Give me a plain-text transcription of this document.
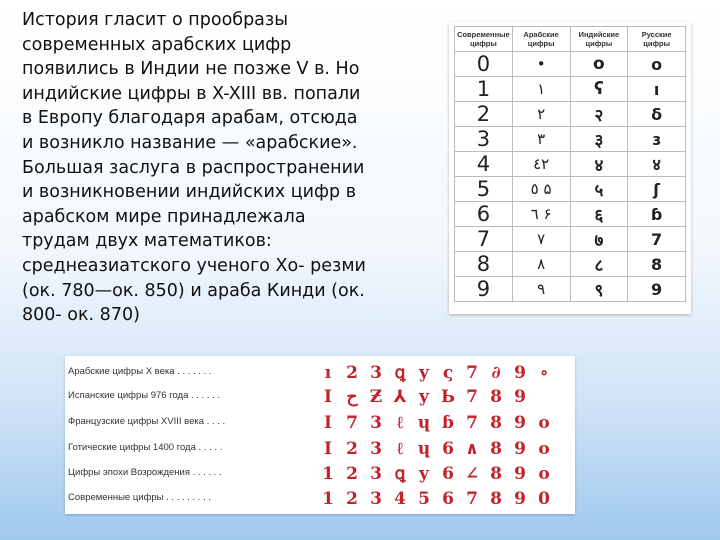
История гласит о прообразы
современных арабских цифр
появились в Индии не позже V в. Но
индийские цифры в X-XIII вв. попали
в Европу благодаря арабам, отсюда
и возникло название — «арабские».
Большая заслуга в распространении
и возникновении индийских цифр в
арабском мире принадлежала
трудам двух математиков:
среднеазиатского ученого Хо- резми
(ок. 780—ок. 850) и араба Кинди (ок.
800- ок. 870)

Современные цифры	Арабские цифры	Индийские цифры	Русские цифры
0	•	o	o
1	١	ʕ	ı
2	٢	२	δ
3	٣	३	ɜ
4	٤٢	४	४
5	٥ ۵	५	ʃ
6	٦ ۶	६	ɓ
7	٧	७	7
8	٨	८	8
9	٩	९	9
Арабские цифры X века . . . . . . .	ı 2 3 ꝗ y ς 7 ∂ 9 ∘
Испанские цифры 976 года . . . . . .	I ح Ƶ ⅄ y Ь 7 8 9
Французские цифры XVIII века . . . .	I 7 3 ℓ ɥ ɓ 7 8 9 o
Готические цифры 1400 года . . . . .	I 2 3 ℓ ɥ 6 ∧ 8 9 o
Цифры эпохи Возрождения . . . . . .	1 2 3 ꝗ y 6 ∠ 8 9 o
Современные цифры . . . . . . . . .	1 2 3 4 5 6 7 8 9 0
